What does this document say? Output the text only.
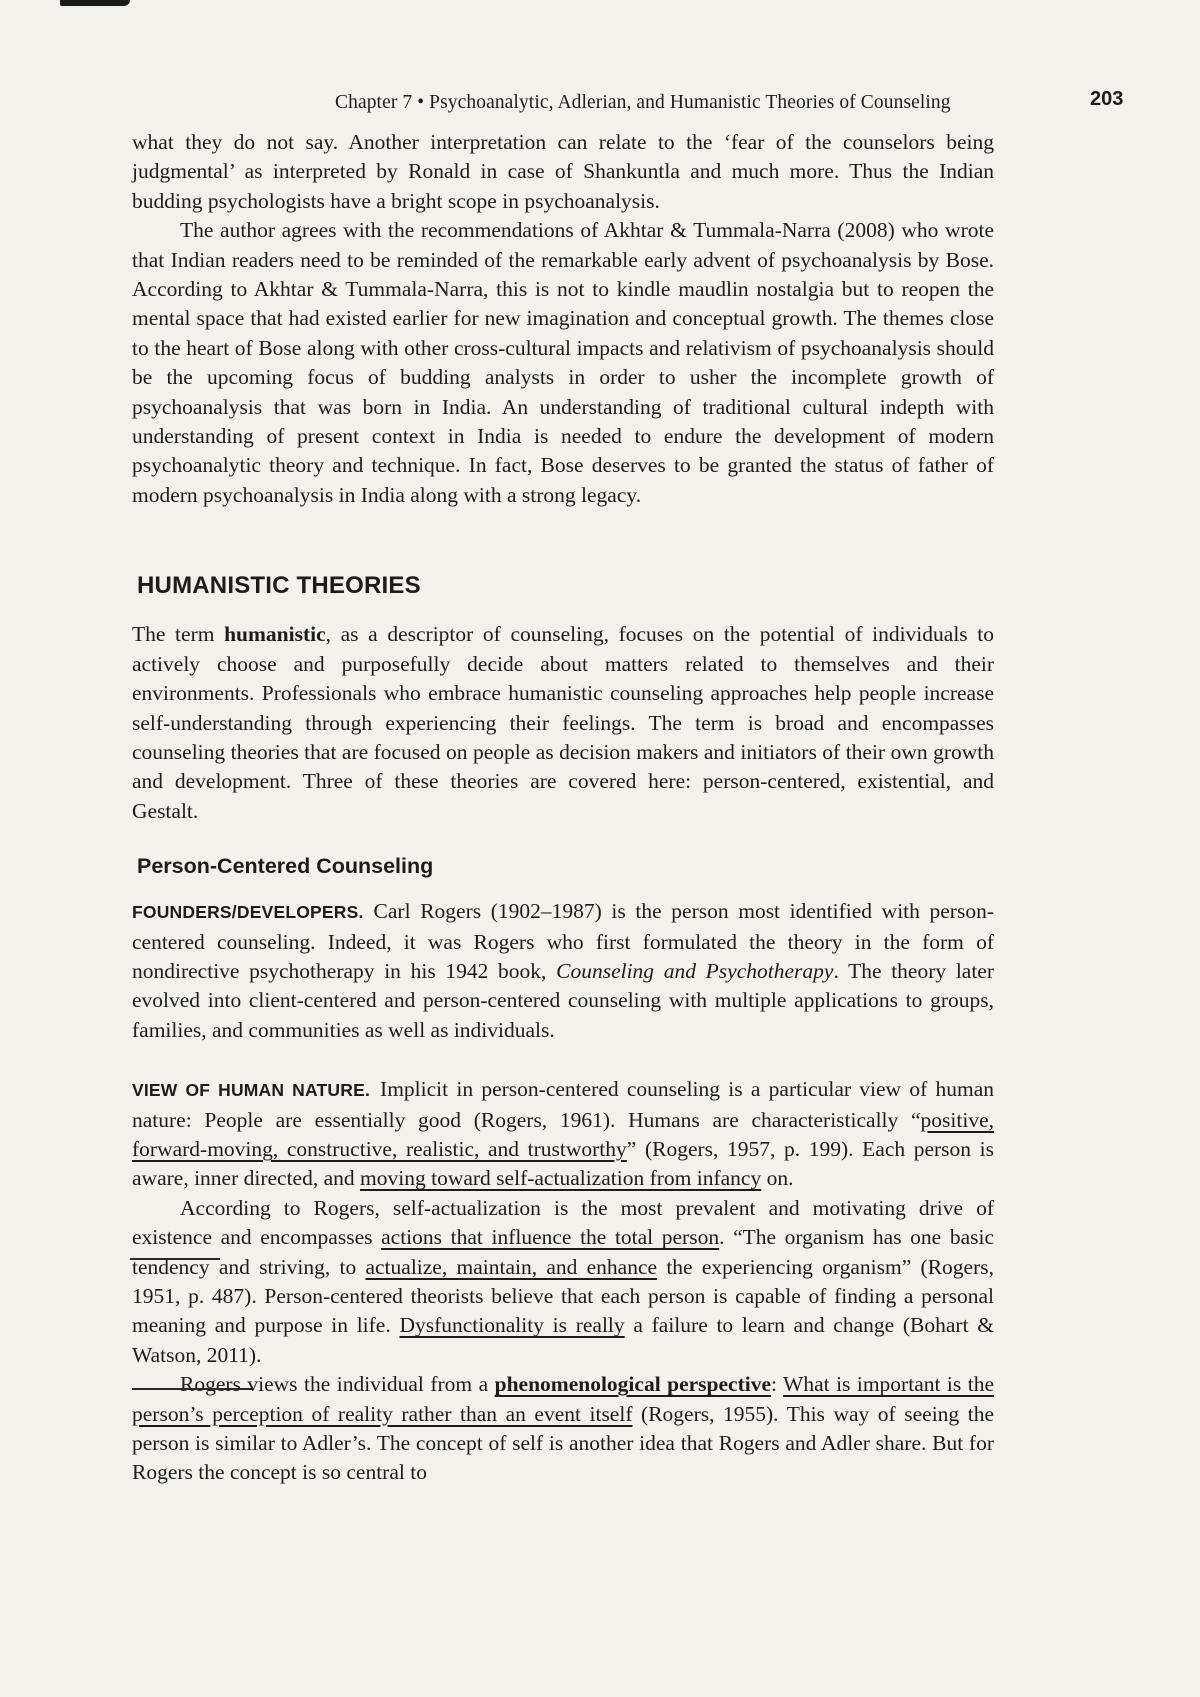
Chapter 7 • Psychoanalytic, Adlerian, and Humanistic Theories of Counseling	203

what they do not say. Another interpretation can relate to the ‘fear of the counselors being judgmental’ as interpreted by Ronald in case of Shankuntla and much more. Thus the Indian budding psychologists have a bright scope in psychoanalysis.

The author agrees with the recommendations of Akhtar & Tummala-Narra (2008) who wrote that Indian readers need to be reminded of the remarkable early advent of psychoanalysis by Bose. According to Akhtar & Tummala-Narra, this is not to kindle maudlin nostalgia but to reopen the mental space that had existed earlier for new imagination and conceptual growth. The themes close to the heart of Bose along with other cross-cultural impacts and relativism of psychoanalysis should be the upcoming focus of budding analysts in order to usher the incomplete growth of psychoanalysis that was born in India. An understanding of traditional cultural indepth with understanding of present context in India is needed to endure the development of modern psychoanalytic theory and technique. In fact, Bose deserves to be granted the status of father of modern psychoanalysis in India along with a strong legacy.

HUMANISTIC THEORIES

The term humanistic, as a descriptor of counseling, focuses on the potential of individuals to actively choose and purposefully decide about matters related to themselves and their environments. Professionals who embrace humanistic counseling approaches help people increase self-understanding through experiencing their feelings. The term is broad and encompasses counseling theories that are focused on people as decision makers and initiators of their own growth and development. Three of these theories are covered here: person-centered, existential, and Gestalt.

Person-Centered Counseling

FOUNDERS/DEVELOPERS. Carl Rogers (1902–1987) is the person most identified with person-centered counseling. Indeed, it was Rogers who first formulated the theory in the form of nondirective psychotherapy in his 1942 book, Counseling and Psychotherapy. The theory later evolved into client-centered and person-centered counseling with multiple applications to groups, families, and communities as well as individuals.

VIEW OF HUMAN NATURE. Implicit in person-centered counseling is a particular view of human nature: People are essentially good (Rogers, 1961). Humans are characteristically “positive, forward-moving, constructive, realistic, and trustworthy” (Rogers, 1957, p. 199). Each person is aware, inner directed, and moving toward self-actualization from infancy on.

According to Rogers, self-actualization is the most prevalent and motivating drive of existence and encompasses actions that influence the total person. “The organism has one basic tendency and striving, to actualize, maintain, and enhance the experiencing organism” (Rogers, 1951, p. 487). Person-centered theorists believe that each person is capable of finding a personal meaning and purpose in life. Dysfunctionality is really a failure to learn and change (Bohart & Watson, 2011).

Rogers views the individual from a phenomenological perspective: What is important is the person’s perception of reality rather than an event itself (Rogers, 1955). This way of seeing the person is similar to Adler’s. The concept of self is another idea that Rogers and Adler share. But for Rogers the concept is so central to
